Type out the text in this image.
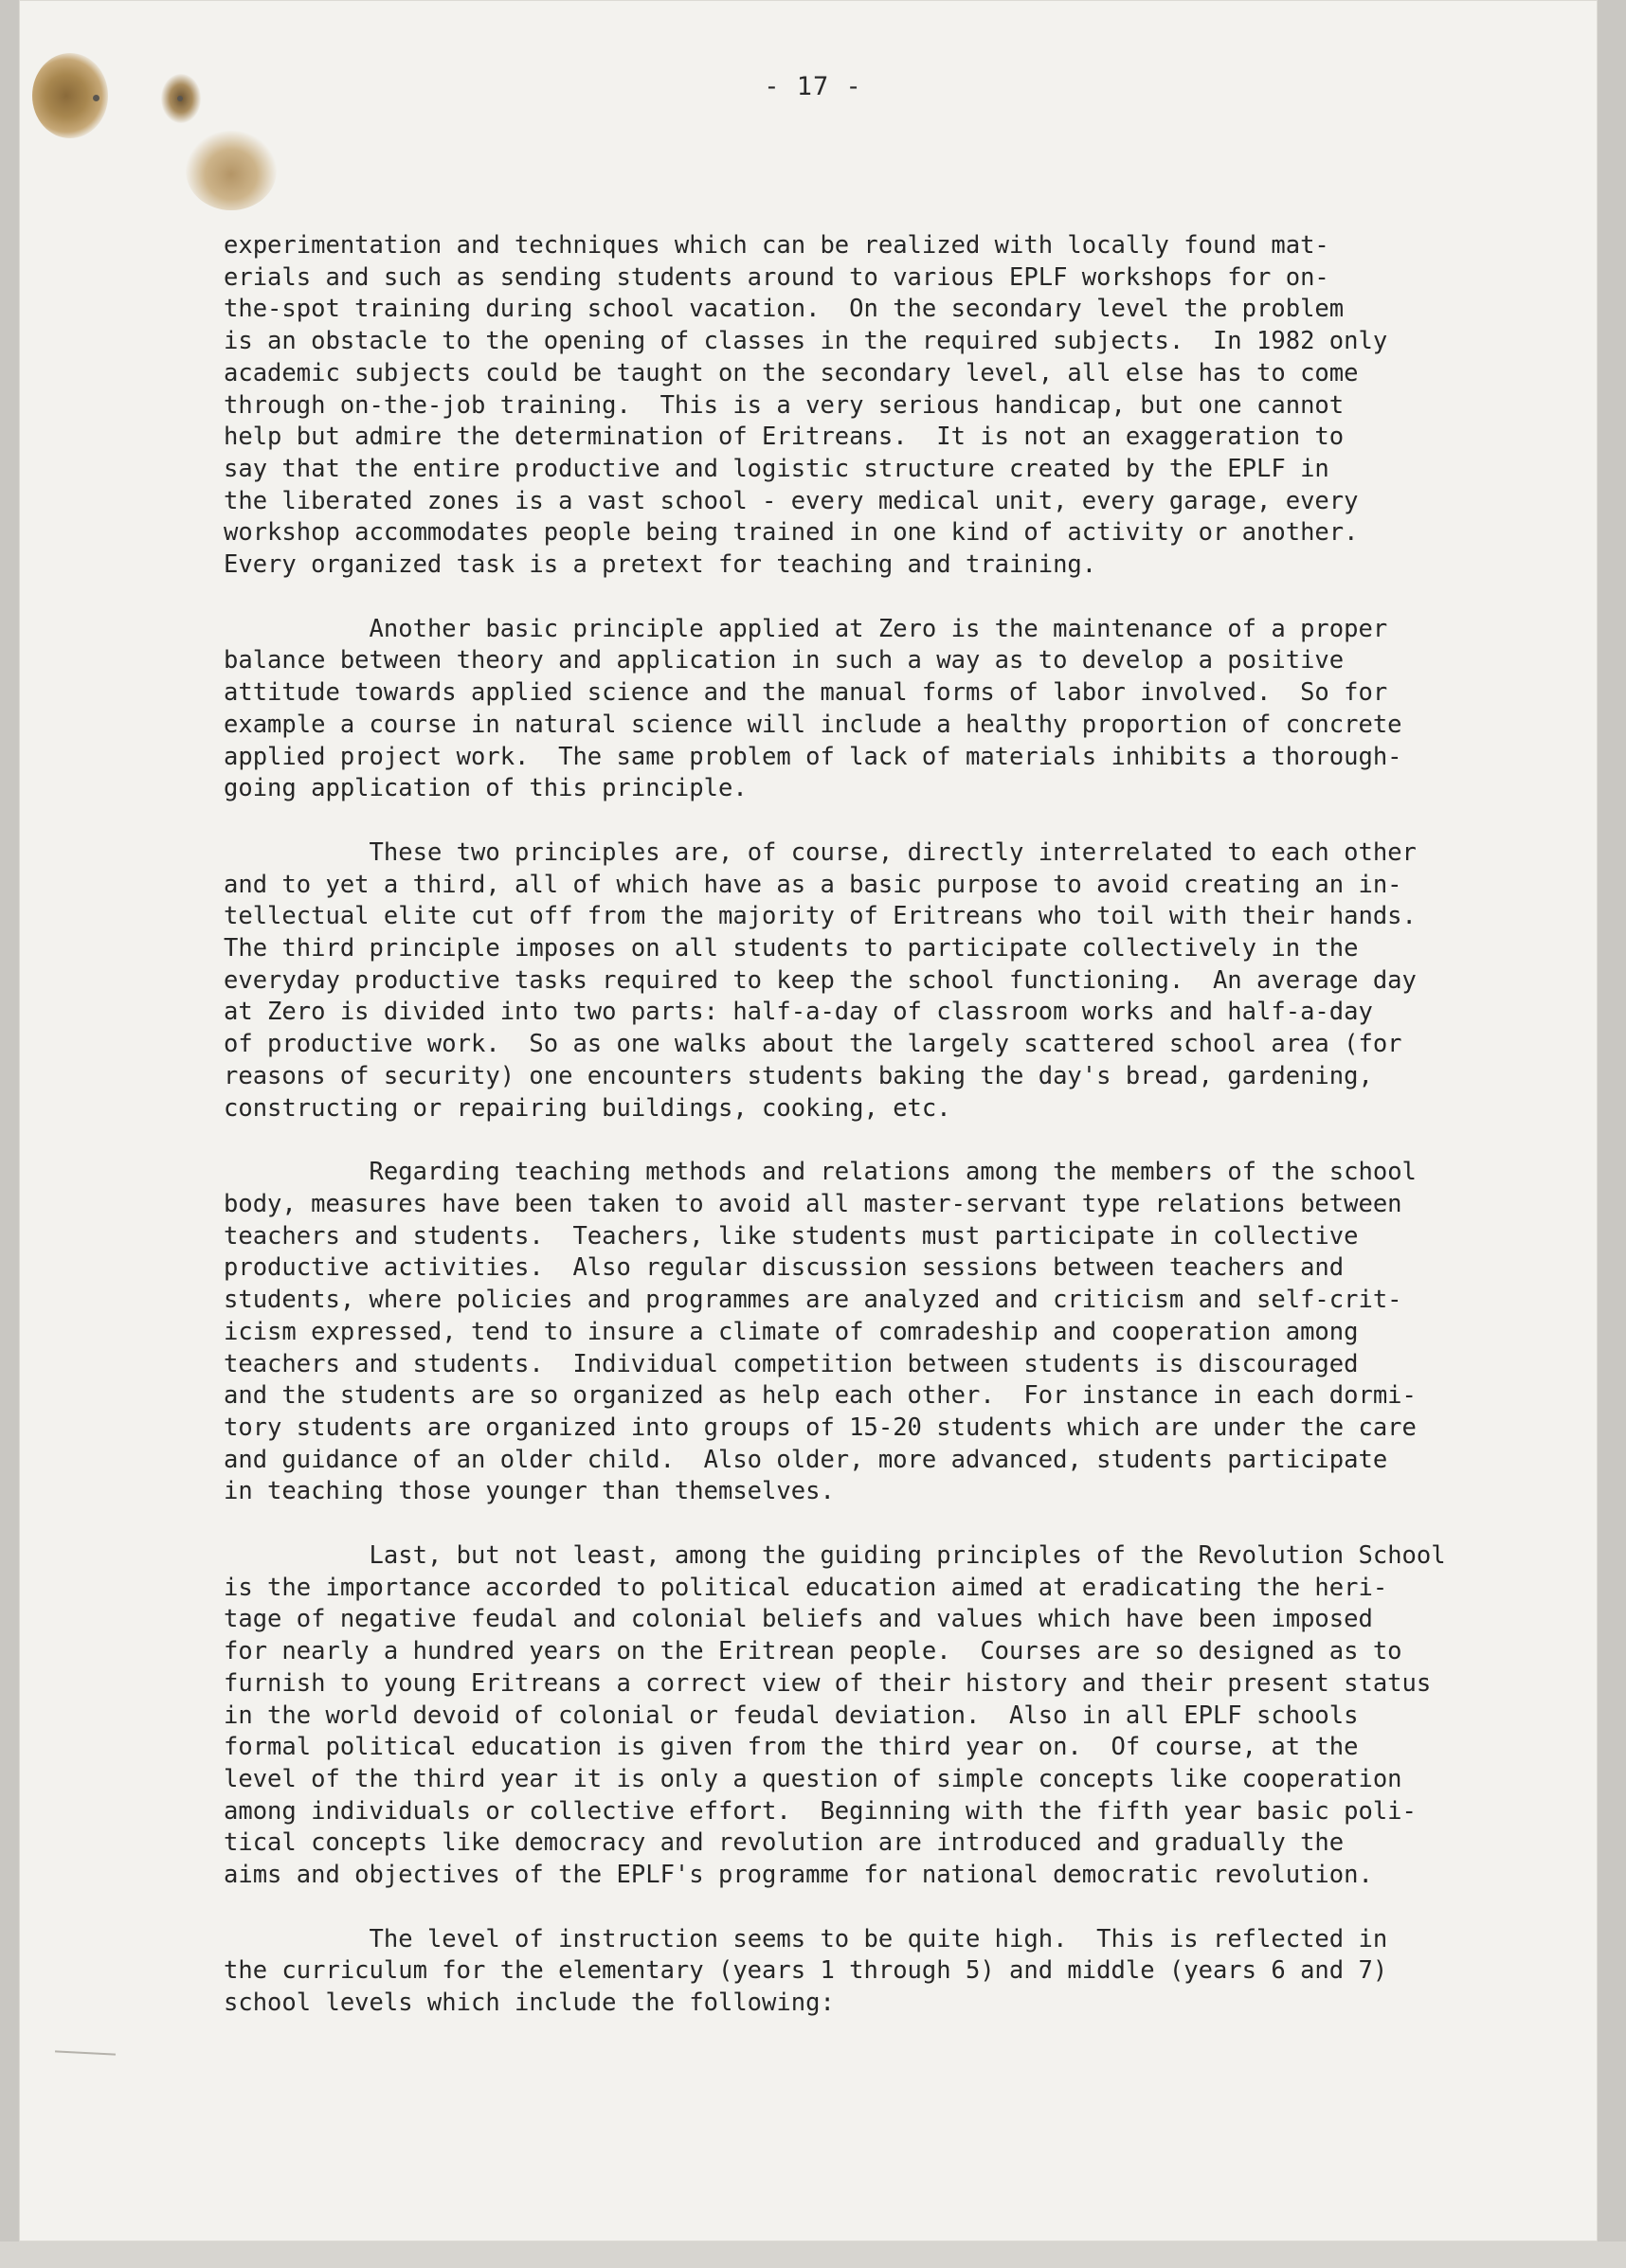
- 17 -

experimentation and techniques which can be realized with locally found mat-
erials and such as sending students around to various EPLF workshops for on-
the-spot training during school vacation.  On the secondary level the problem
is an obstacle to the opening of classes in the required subjects.  In 1982 only
academic subjects could be taught on the secondary level, all else has to come
through on-the-job training.  This is a very serious handicap, but one cannot
help but admire the determination of Eritreans.  It is not an exaggeration to
say that the entire productive and logistic structure created by the EPLF in
the liberated zones is a vast school - every medical unit, every garage, every
workshop accommodates people being trained in one kind of activity or another.
Every organized task is a pretext for teaching and training.

Another basic principle applied at Zero is the maintenance of a proper
balance between theory and application in such a way as to develop a positive
attitude towards applied science and the manual forms of labor involved.  So for
example a course in natural science will include a healthy proportion of concrete
applied project work.  The same problem of lack of materials inhibits a thorough-
going application of this principle.

These two principles are, of course, directly interrelated to each other
and to yet a third, all of which have as a basic purpose to avoid creating an in-
tellectual elite cut off from the majority of Eritreans who toil with their hands.
The third principle imposes on all students to participate collectively in the
everyday productive tasks required to keep the school functioning.  An average day
at Zero is divided into two parts: half-a-day of classroom works and half-a-day
of productive work.  So as one walks about the largely scattered school area (for
reasons of security) one encounters students baking the day's bread, gardening,
constructing or repairing buildings, cooking, etc.

Regarding teaching methods and relations among the members of the school
body, measures have been taken to avoid all master-servant type relations between
teachers and students.  Teachers, like students must participate in collective
productive activities.  Also regular discussion sessions between teachers and
students, where policies and programmes are analyzed and criticism and self-crit-
icism expressed, tend to insure a climate of comradeship and cooperation among
teachers and students.  Individual competition between students is discouraged
and the students are so organized as help each other.  For instance in each dormi-
tory students are organized into groups of 15-20 students which are under the care
and guidance of an older child.  Also older, more advanced, students participate
in teaching those younger than themselves.

Last, but not least, among the guiding principles of the Revolution School
is the importance accorded to political education aimed at eradicating the heri-
tage of negative feudal and colonial beliefs and values which have been imposed
for nearly a hundred years on the Eritrean people.  Courses are so designed as to
furnish to young Eritreans a correct view of their history and their present status
in the world devoid of colonial or feudal deviation.  Also in all EPLF schools
formal political education is given from the third year on.  Of course, at the
level of the third year it is only a question of simple concepts like cooperation
among individuals or collective effort.  Beginning with the fifth year basic poli-
tical concepts like democracy and revolution are introduced and gradually the
aims and objectives of the EPLF's programme for national democratic revolution.

The level of instruction seems to be quite high.  This is reflected in
the curriculum for the elementary (years 1 through 5) and middle (years 6 and 7)
school levels which include the following:
